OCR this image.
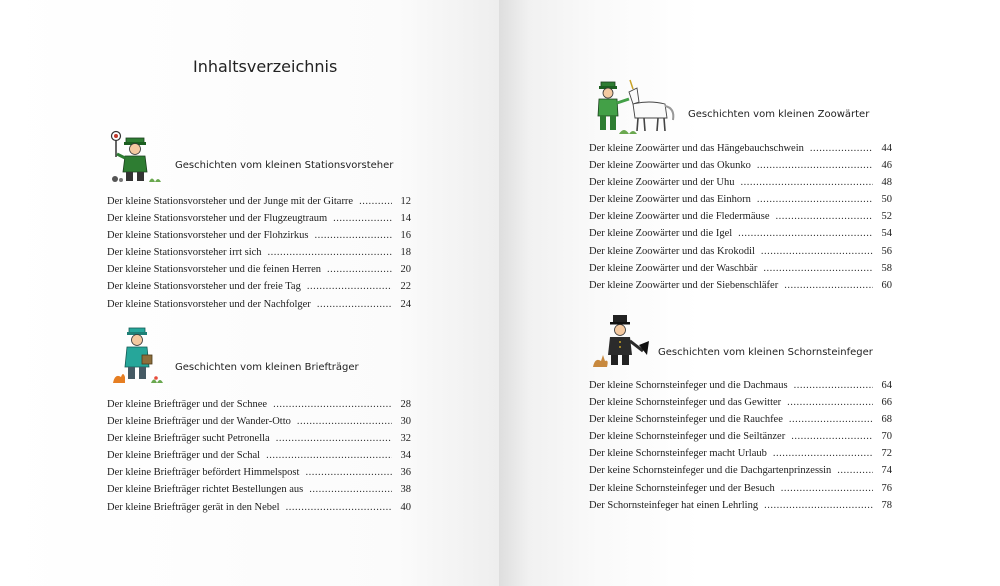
Inhaltsverzeichnis
Geschichten vom kleinen Stationsvorsteher
Der kleine Stationsvorsteher und der Junge mit der Gitarre .....	12
Der kleine Stationsvorsteher und der Flugzeugtraum .....	14
Der kleine Stationsvorsteher und der Flohzirkus .....	16
Der kleine Stationsvorsteher irrt sich .....	18
Der kleine Stationsvorsteher und die feinen Herren .....	20
Der kleine Stationsvorsteher und der freie Tag .....	22
Der kleine Stationsvorsteher und der Nachfolger .....	24
Geschichten vom kleinen Briefträger
Der kleine Briefträger und der Schnee .....	28
Der kleine Briefträger und der Wander-Otto .....	30
Der kleine Briefträger sucht Petronella .....	32
Der kleine Briefträger und der Schal .....	34
Der kleine Briefträger befördert Himmelspost .....	36
Der kleine Briefträger richtet Bestellungen aus .....	38
Der kleine Briefträger gerät in den Nebel .....	40
Geschichten vom kleinen Zoowärter
Der kleine Zoowärter und das Hängebauchschwein .....	44
Der kleine Zoowärter und das Okunko .....	46
Der kleine Zoowärter und der Uhu .....	48
Der kleine Zoowärter und das Einhorn .....	50
Der kleine Zoowärter und die Fledermäuse .....	52
Der kleine Zoowärter und die Igel .....	54
Der kleine Zoowärter und das Krokodil .....	56
Der kleine Zoowärter und der Waschbär .....	58
Der kleine Zoowärter und der Siebenschläfer .....	60
Geschichten vom kleinen Schornsteinfeger
Der kleine Schornsteinfeger und die Dachmaus .....	64
Der kleine Schornsteinfeger und das Gewitter .....	66
Der kleine Schornsteinfeger und die Rauchfee .....	68
Der kleine Schornsteinfeger und die Seiltänzer .....	70
Der kleine Schornsteinfeger macht Urlaub .....	72
Der keine Schornsteinfeger und die Dachgartenprinzessin .....	74
Der kleine Schornsteinfeger und der Besuch .....	76
Der Schornsteinfeger hat einen Lehrling .....	78
